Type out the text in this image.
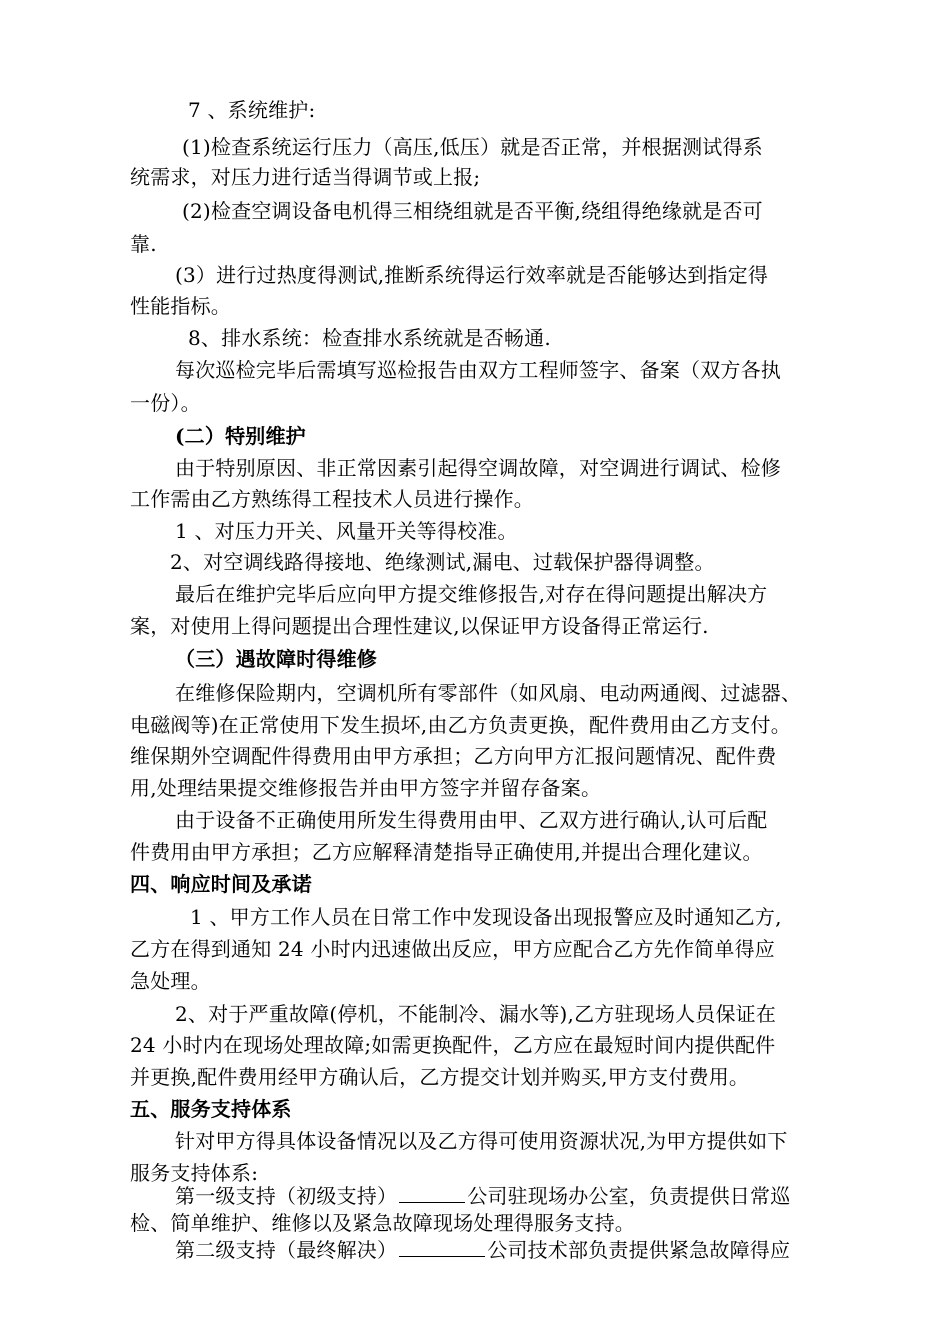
7 、系统维护:
(1)检查系统运行压力（高压,低压）就是否正常，并根据测试得系
统需求，对压力进行适当得调节或上报;
(2)检查空调设备电机得三相绕组就是否平衡,绕组得绝缘就是否可
靠.
(3）进行过热度得测试,推断系统得运行效率就是否能够达到指定得
性能指标。
8、排水系统：检查排水系统就是否畅通.
每次巡检完毕后需填写巡检报告由双方工程师签字、备案（双方各执
一份）。
(二）特别维护
由于特别原因、非正常因素引起得空调故障，对空调进行调试、检修
工作需由乙方熟练得工程技术人员进行操作。
1 、对压力开关、风量开关等得校准。
2、对空调线路得接地、绝缘测试,漏电、过载保护器得调整。
最后在维护完毕后应向甲方提交维修报告,对存在得问题提出解决方
案，对使用上得问题提出合理性建议,以保证甲方设备得正常运行.
（三）遇故障时得维修
在维修保险期内，空调机所有零部件（如风扇、电动两通阀、过滤器、
电磁阀等)在正常使用下发生损坏,由乙方负责更换，配件费用由乙方支付。
维保期外空调配件得费用由甲方承担；乙方向甲方汇报问题情况、配件费
用,处理结果提交维修报告并由甲方签字并留存备案。
由于设备不正确使用所发生得费用由甲、乙双方进行确认,认可后配
件费用由甲方承担；乙方应解释清楚指导正确使用,并提出合理化建议。
四、响应时间及承诺
1 、甲方工作人员在日常工作中发现设备出现报警应及时通知乙方,
乙方在得到通知 24 小时内迅速做出反应，甲方应配合乙方先作简单得应
急处理。
2、对于严重故障(停机，不能制冷、漏水等),乙方驻现场人员保证在
24 小时内在现场处理故障;如需更换配件，乙方应在最短时间内提供配件
并更换,配件费用经甲方确认后，乙方提交计划并购买,甲方支付费用。
五、服务支持体系
针对甲方得具体设备情况以及乙方得可使用资源状况,为甲方提供如下
服务支持体系:
第一级支持（初级支持）	公司驻现场办公室，负责提供日常巡
检、简单维护、维修以及紧急故障现场处理得服务支持。
第二级支持（最终解决）	公司技术部负责提供紧急故障得应
